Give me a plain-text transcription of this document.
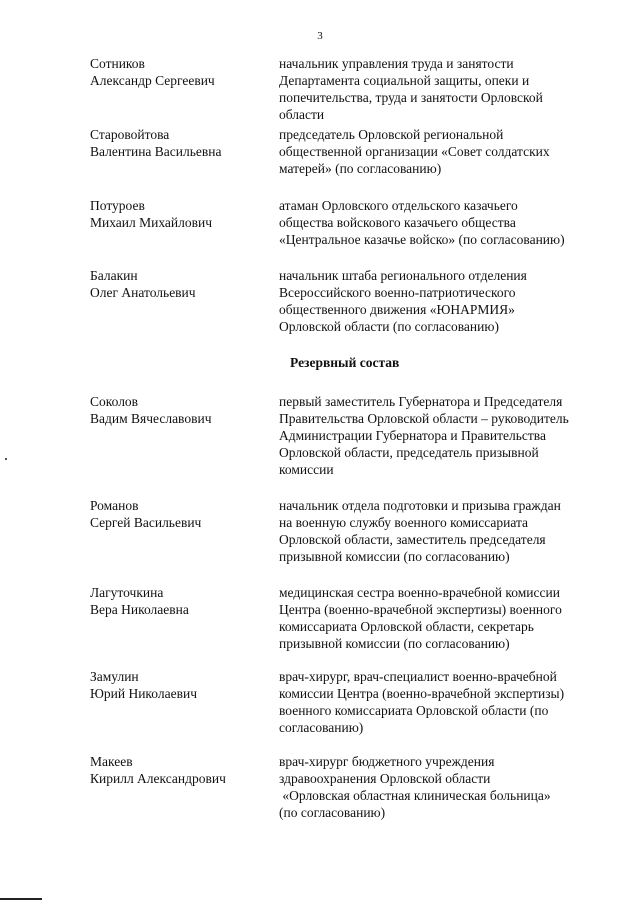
3
Сотников
Александр Сергеевич
начальник управления труда и занятости
Департамента социальной защиты, опеки и
попечительства, труда и занятости Орловской
области
Старовойтова
Валентина Васильевна
председатель Орловской региональной
общественной организации «Совет солдатских
матерей» (по согласованию)
Потуроев
Михаил Михайлович
атаман Орловского отдельского казачьего
общества войскового казачьего общества
«Центральное казачье войско» (по согласованию)
Балакин
Олег Анатольевич
начальник штаба регионального отделения
Всероссийского военно-патриотического
общественного движения «ЮНАРМИЯ»
Орловской области (по согласованию)
Резервный состав
Соколов
Вадим Вячеславович
первый заместитель Губернатора и Председателя
Правительства Орловской области – руководитель
Администрации Губернатора и Правительства
Орловской области, председатель призывной
комиссии
Романов
Сергей Васильевич
начальник отдела подготовки и призыва граждан
на военную службу военного комиссариата
Орловской области, заместитель председателя
призывной комиссии (по согласованию)
Лагуточкина
Вера Николаевна
медицинская сестра военно-врачебной комиссии
Центра (военно-врачебной экспертизы) военного
комиссариата Орловской области, секретарь
призывной комиссии (по согласованию)
Замулин
Юрий Николаевич
врач-хирург, врач-специалист военно-врачебной
комиссии Центра (военно-врачебной экспертизы)
военного комиссариата Орловской области (по
согласованию)
Макеев
Кирилл Александрович
врач-хирург бюджетного учреждения
здравоохранения Орловской области
«Орловская областная клиническая больница»
(по согласованию)
